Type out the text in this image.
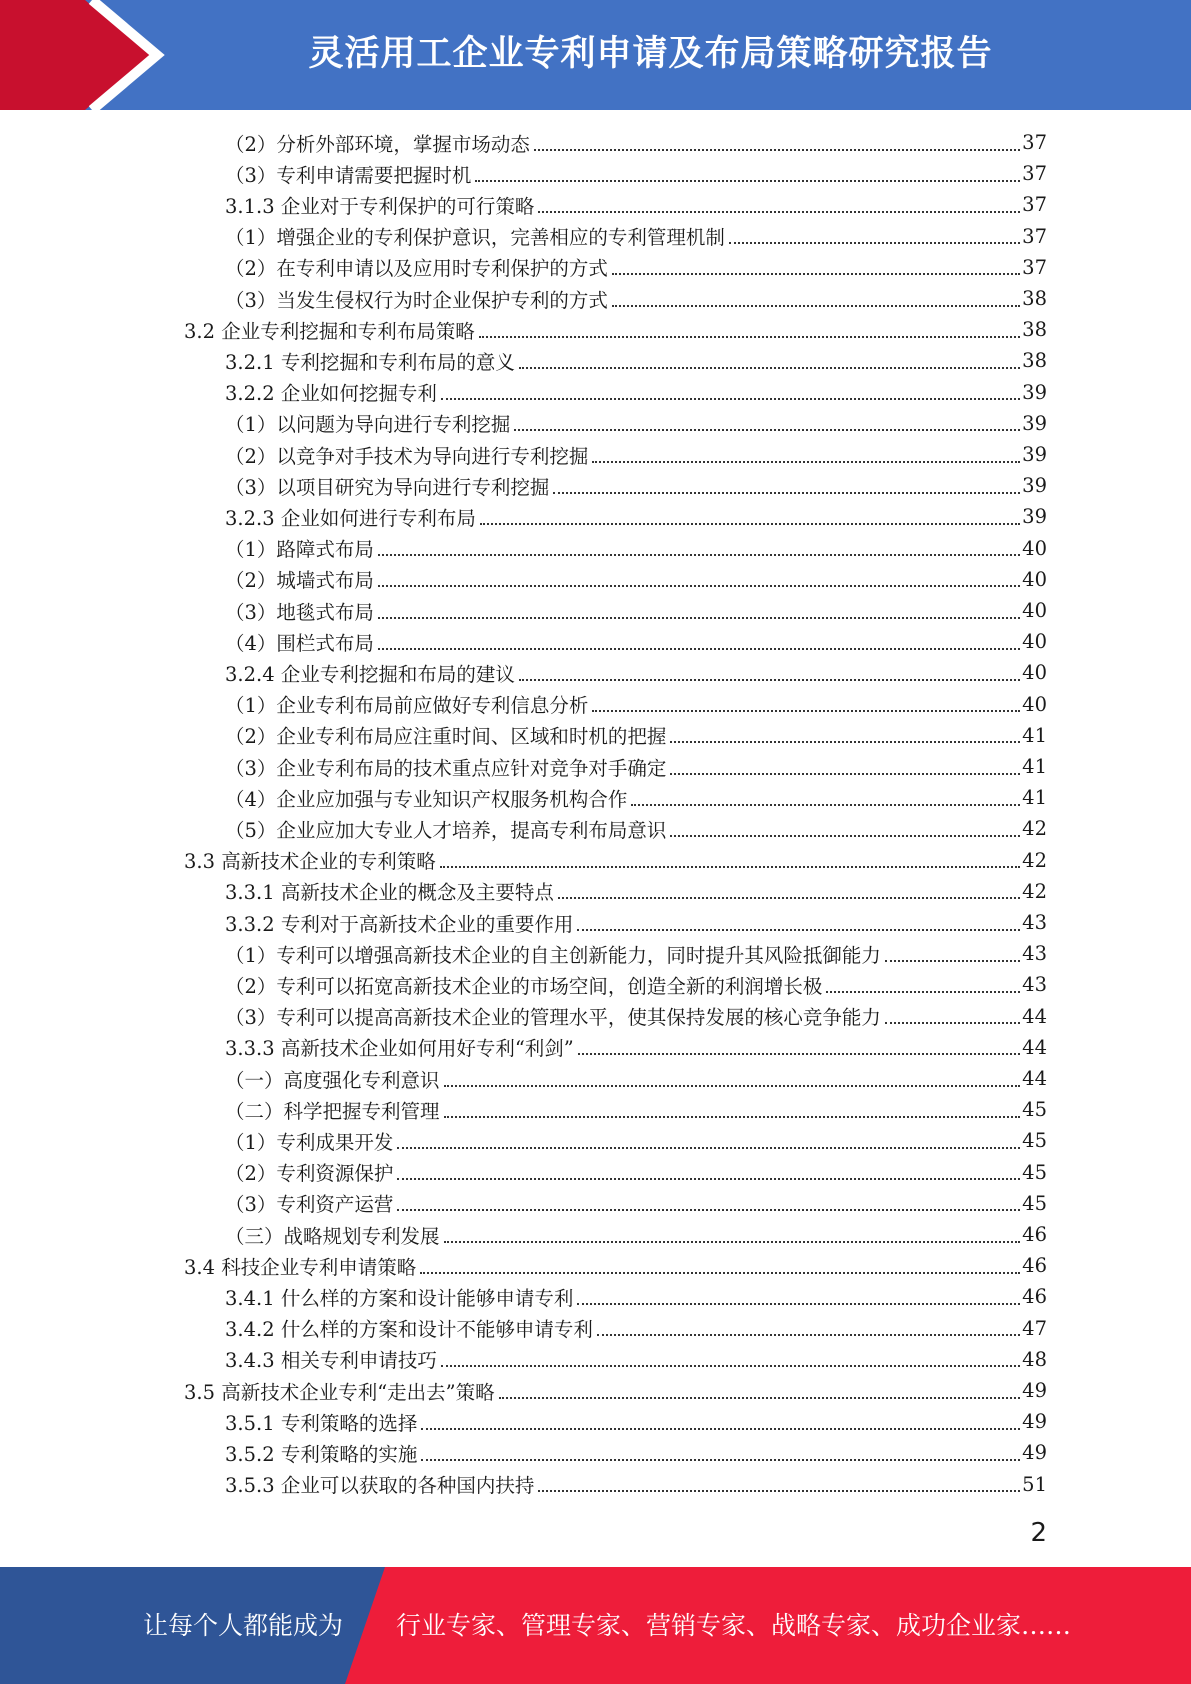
灵活用工企业专利申请及布局策略研究报告
（2）分析外部环境，掌握市场动态	37
（3）专利申请需要把握时机	37
3.1.3 企业对于专利保护的可行策略	37
（1）增强企业的专利保护意识，完善相应的专利管理机制	37
（2）在专利申请以及应用时专利保护的方式	37
（3）当发生侵权行为时企业保护专利的方式	38
3.2 企业专利挖掘和专利布局策略	38
3.2.1 专利挖掘和专利布局的意义	38
3.2.2 企业如何挖掘专利	39
（1）以问题为导向进行专利挖掘	39
（2）以竞争对手技术为导向进行专利挖掘	39
（3）以项目研究为导向进行专利挖掘	39
3.2.3 企业如何进行专利布局	39
（1）路障式布局	40
（2）城墙式布局	40
（3）地毯式布局	40
（4）围栏式布局	40
3.2.4 企业专利挖掘和布局的建议	40
（1）企业专利布局前应做好专利信息分析	40
（2）企业专利布局应注重时间、区域和时机的把握	41
（3）企业专利布局的技术重点应针对竞争对手确定	41
（4）企业应加强与专业知识产权服务机构合作	41
（5）企业应加大专业人才培养，提高专利布局意识	42
3.3 高新技术企业的专利策略	42
3.3.1 高新技术企业的概念及主要特点	42
3.3.2 专利对于高新技术企业的重要作用	43
（1）专利可以增强高新技术企业的自主创新能力，同时提升其风险抵御能力	43
（2）专利可以拓宽高新技术企业的市场空间，创造全新的利润增长极	43
（3）专利可以提高高新技术企业的管理水平，使其保持发展的核心竞争能力	44
3.3.3 高新技术企业如何用好专利“利剑”	44
（一）高度强化专利意识	44
（二）科学把握专利管理	45
（1）专利成果开发	45
（2）专利资源保护	45
（3）专利资产运营	45
（三）战略规划专利发展	46
3.4 科技企业专利申请策略	46
3.4.1 什么样的方案和设计能够申请专利	46
3.4.2 什么样的方案和设计不能够申请专利	47
3.4.3 相关专利申请技巧	48
3.5 高新技术企业专利“走出去”策略	49
3.5.1 专利策略的选择	49
3.5.2 专利策略的实施	49
3.5.3 企业可以获取的各种国内扶持	51
2
让每个人都能成为 行业专家、管理专家、营销专家、战略专家、成功企业家……
